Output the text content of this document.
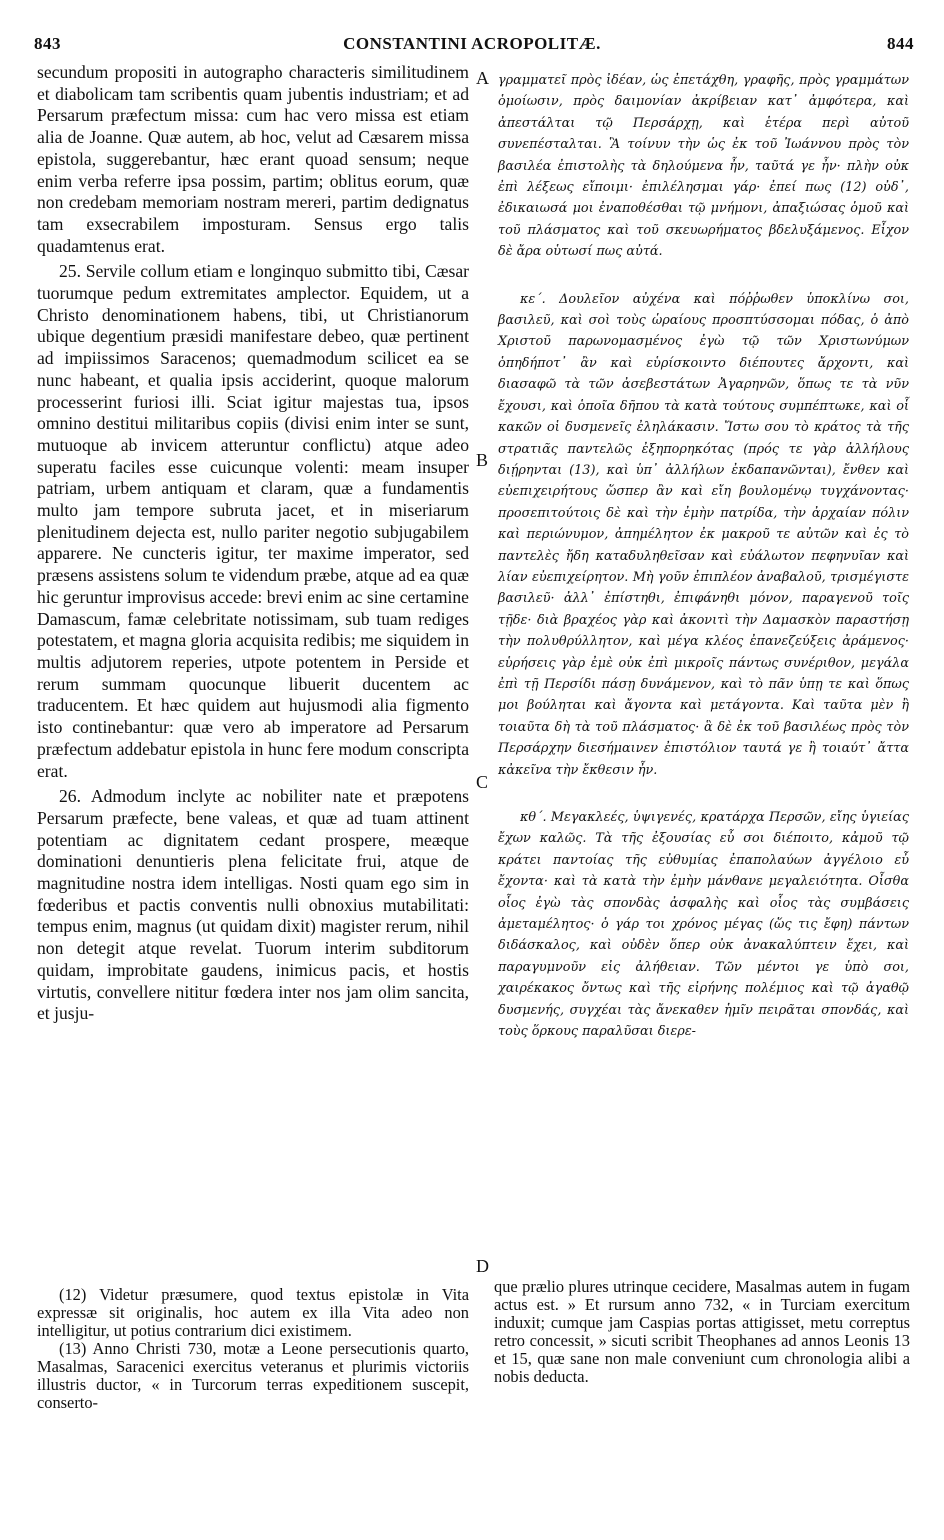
843	CONSTANTINI ACROPOLITÆ.	844

secundum propositi in autographo characteris similitudinem et diabolicam tam scribentis quam jubentis industriam; et ad Persarum præfectum missa: cum hac vero missa est etiam alia de Joanne. Quæ autem, ab hoc, velut ad Cæsarem missa epistola, suggerebantur, hæc erant quoad sensum; neque enim verba referre ipsa possim, partim; oblitus eorum, quæ non credebam memoriam nostram mereri, partim dedignatus tam exsecrabilem imposturam. Sensus ergo talis quadamtenus erat.

25. Servile collum etiam e longinquo submitto tibi, Cæsar tuorumque pedum extremitates amplector. Equidem, ut a Christo denominationem habens, tibi, ut Christianorum ubique degentium præsidi manifestare debeo, quæ pertinent ad impiissimos Saracenos; quemadmodum scilicet ea se nunc habeant, et qualia ipsis acciderint, quoque malorum processerint furiosi illi. Sciat igitur majestas tua, ipsos omnino destitui militaribus copiis (divisi enim inter se sunt, mutuoque ab invicem atteruntur conflictu) atque adeo superatu faciles esse cuicunque volenti: meam insuper patriam, urbem antiquam et claram, quæ a fundamentis multo jam tempore subruta jacet, et in miseriarum plenitudinem dejecta est, nullo pariter negotio subjugabilem apparere. Ne cuncteris igitur, ter maxime imperator, sed præsens assistens solum te videndum præbe, atque ad ea quæ hic geruntur improvisus accede: brevi enim ac sine certamine Damascum, famæ celebritate notissimam, sub tuam rediges potestatem, et magna gloria acquisita redibis; me siquidem in multis adjutorem reperies, utpote potentem in Perside et rerum summam quocunque libuerit ducentem ac traducentem. Et hæc quidem aut hujusmodi alia figmento isto continebantur: quæ vero ab imperatore ad Persarum præfectum addebatur epistola in hunc fere modum conscripta erat.

26. Admodum inclyte ac nobiliter nate et præpotens Persarum præfecte, bene valeas, et quæ ad tuam attinent potentiam ac dignitatem cedant prospere, meæque dominationi denuntieris plena felicitate frui, atque de magnitudine nostra idem intelligas. Nosti quam ego sim in fœderibus et pactis conventis nulli obnoxius mutabilitati: tempus enim, magnus (ut quidam dixit) magister rerum, nihil non detegit atque revelat. Tuorum interim subditorum quidam, improbitate gaudens, inimicus pacis, et hostis virtutis, convellere nititur fœdera inter nos jam olim sancita, et jusju-

A
B
C
D

γραμματεῖ πρὸς ἰδέαν, ὡς ἐπετάχθη, γραφῆς, πρὸς γραμμάτων ὁμοίωσιν, πρὸς δαιμονίαν ἀκρίβειαν κατ᾽ ἀμφότερα, καὶ ἀπεστάλται τῷ Περσάρχῃ, καὶ ἑτέρα περὶ αὐτοῦ συνεπέσταλται. Ἃ τοίνυν τὴν ὡς ἐκ τοῦ Ἰωάννου πρὸς τὸν βασιλέα ἐπιστολὴς τὰ δηλούμενα ἦν, ταῦτά γε ἦν· πλὴν οὐκ ἐπὶ λέξεως εἴποιμι· ἐπιλέλησμαι γάρ· ἐπεί πως (12) οὐδ᾽, ἐδικαιωσά μοι ἐναποθέσθαι τῷ μνήμονι, ἀπαξιώσας ὁμοῦ καὶ τοῦ πλάσματος καὶ τοῦ σκευωρήματος βδελυξάμενος. Εἶχον δὲ ἄρα οὑτωσί πως αὐτά.

κε΄. Δουλεῖον αὐχένα καὶ πόῤῥωθεν ὑποκλίνω σοι, βασιλεῦ, καὶ σοὶ τοὺς ὡραίους προσπτύσσομαι πόδας, ὁ ἀπὸ Χριστοῦ παρωνομασμένος ἐγὼ τῷ τῶν Χριστωνύμων ὁπηδήποτ᾽ ἂν καὶ εὑρίσκοιντο διέπουτες ἄρχοντι, καὶ διασαφῶ τὰ τῶν ἀσεβεστάτων Ἀγαρηνῶν, ὅπως τε τὰ νῦν ἔχουσι, καὶ ὁποῖα δῆπου τὰ κατὰ τούτους συμπέπτωκε, καὶ οἷ κακῶν οἱ δυσμενεῖς ἐληλάκασιν. Ἴστω σου τὸ κράτος τὰ τῆς στρατιᾶς παντελῶς ἐξηπορηκότας (πρός τε γὰρ ἀλλήλους διῄρηνται (13), καὶ ὑπ᾽ ἀλλήλων ἐκδαπανῶνται), ἔνθεν καὶ εὐεπιχειρήτους ὥσπερ ἂν καὶ εἴη βουλομένῳ τυγχάνοντας· προσεπιτούτοις δὲ καὶ τὴν ἐμὴν πατρίδα, τὴν ἀρχαίαν πόλιν καὶ περιώνυμον, ἀπημέλητον ἐκ μακροῦ τε αὐτῶν καὶ ἐς τὸ παντελὲς ἤδη καταδυληθεῖσαν καὶ εὐάλωτον πεφηνυῖαν καὶ λίαν εὐεπιχείρητον. Μὴ γοῦν ἐπιπλέον ἀναβαλοῦ, τρισμέγιστε βασιλεῦ· ἀλλ᾽ ἐπίστηθι, ἐπιφάνηθι μόνον, παραγενοῦ τοῖς τῇδε· διὰ βραχέος γὰρ καὶ ἀκονιτὶ τὴν Δαμασκὸν παραστήσῃ τὴν πολυθρύλλητον, καὶ μέγα κλέος ἐπανεζεύξεις ἀράμενος· εὑρήσεις γὰρ ἐμὲ οὐκ ἐπὶ μικροῖς πάντως συνέριθον, μεγάλα ἐπὶ τῇ Περσίδι πάσῃ δυνάμενον, καὶ τὸ πᾶν ὑπῃ τε καὶ ὅπως μοι βούληται καὶ ἄγοντα καὶ μετάγοντα. Καὶ ταῦτα μὲν ἢ τοιαῦτα δὴ τὰ τοῦ πλάσματος· ἃ δὲ ἐκ τοῦ βασιλέως πρὸς τὸν Περσάρχην διεσήμαινεν ἐπιστόλιον ταυτά γε ἢ τοιαύτ᾽ ἄττα κἀκεῖνα τὴν ἔκθεσιν ἦν.

κθ΄. Μεγακλεές, ὑψιγενές, κρατάρχα Περσῶν, εἴης ὑγιείας ἔχων καλῶς. Τὰ τῆς ἐξουσίας εὖ σοι διέποιτο, κἀμοῦ τῷ κράτει παντοίας τῆς εὐθυμίας ἐπαπολαύων ἀγγέλοιο εὖ ἔχοντα· καὶ τὰ κατὰ τὴν ἐμὴν μάνθανε μεγαλειότητα. Οἶσθα οἷος ἐγὼ τὰς σπονδὰς ἀσφαλὴς καὶ οἷος τὰς συμβάσεις ἀμεταμέλητος· ὁ γάρ τοι χρόνος μέγας (ὥς τις ἔφη) πάντων διδάσκαλος, καὶ οὐδὲν ὅπερ οὐκ ἀνακαλύπτειν ἔχει, καὶ παραγυμνοῦν εἰς ἀλήθειαν. Τῶν μέντοι γε ὑπὸ σοι, χαιρέκακος ὄντως καὶ τῆς εἰρήνης πολέμιος καὶ τῷ ἀγαθῷ δυσμενής, συγχέαι τὰς ἄνεκαθεν ἡμῖν πειρᾶται σπονδάς, καὶ τοὺς ὅρκους παραλῦσαι διερε-

(12) Videtur præsumere, quod textus epistolæ in Vita expressæ sit originalis, hoc autem ex illa Vita adeo non intelligitur, ut potius contrarium dici existimem.

(13) Anno Christi 730, motæ a Leone persecutionis quarto, Masalmas, Saracenici exercitus veteranus et plurimis victoriis illustris ductor, « in Turcorum terras expeditionem suscepit, conserto-

que prælio plures utrinque cecidere, Masalmas autem in fugam actus est. » Et rursum anno 732, « in Turciam exercitum induxit; cumque jam Caspias portas attigisset, metu correptus retro concessit, » sicuti scribit Theophanes ad annos Leonis 13 et 15, quæ sane non male conveniunt cum chronologia alibi a nobis deducta.
